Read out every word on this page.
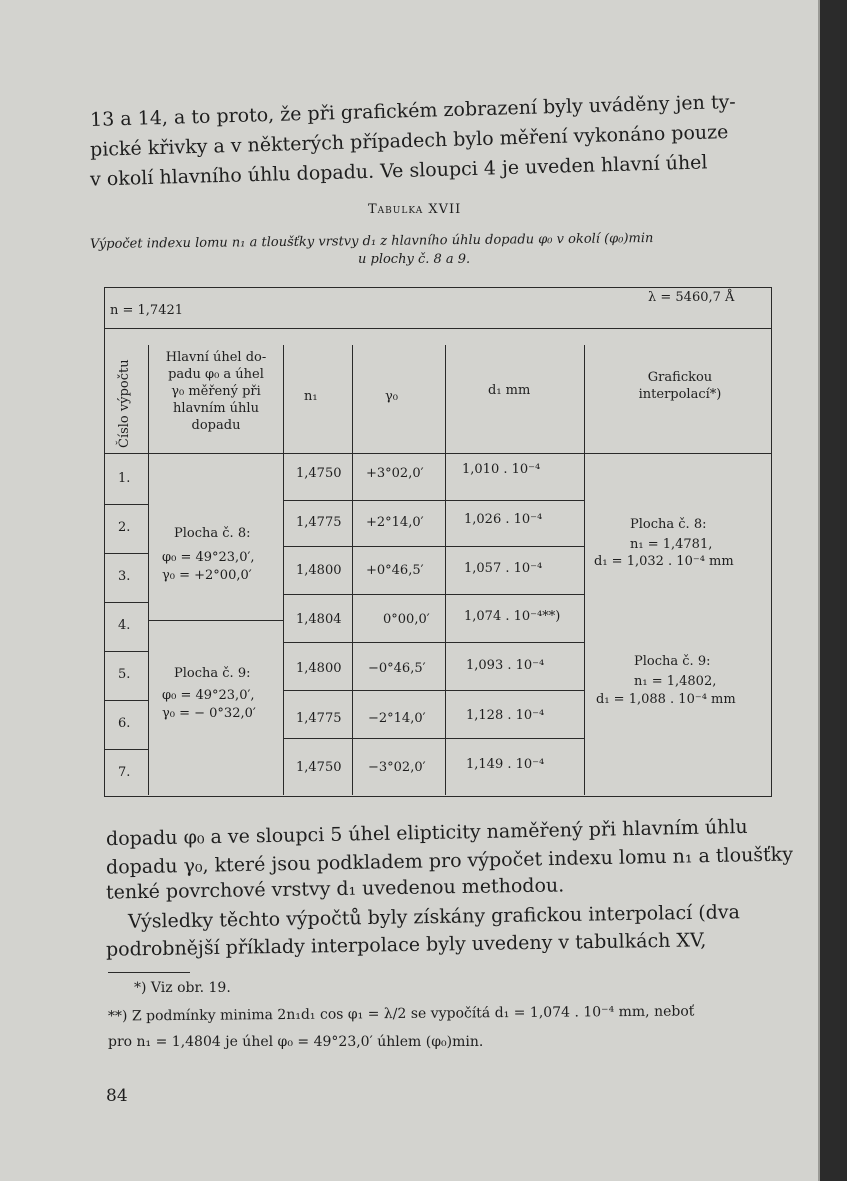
13 a 14, a to proto, že při grafickém zobrazení byly uváděny jen ty-
pické křivky a v některých případech bylo měření vykonáno pouze
v okolí hlavního úhlu dopadu. Ve sloupci 4 je uveden hlavní úhel
Tabulka XVII
Výpočet indexu lomu n₁ a tloušťky vrstvy d₁ z hlavního úhlu dopadu φ₀ v okolí (φ₀)min
u plochy č. 8 a 9.
n = 1,7421
λ = 5460,7 Å
Číslo výpočtu
Hlavní úhel do-
padu φ₀ a úhel
γ₀ měřený při
hlavním úhlu
dopadu
n₁	γ₀	d₁ mm
Grafickou
interpolací*)
1.
2.
3.
4.
5.
6.
7.
1,4750
1,4775
1,4800
1,4804
1,4800
1,4775
1,4750
+3°02,0′
+2°14,0′
+0°46,5′
0°00,0′
−0°46,5′
−2°14,0′
−3°02,0′
1,010 . 10⁻⁴
1,026 . 10⁻⁴
1,057 . 10⁻⁴
1,074 . 10⁻⁴**)
1,093 . 10⁻⁴
1,128 . 10⁻⁴
1,149 . 10⁻⁴
Plocha č. 8:
φ₀ = 49°23,0′,
γ₀ = +2°00,0′
Plocha č. 9:
φ₀ = 49°23,0′,
γ₀ = − 0°32,0′
Plocha č. 8:
n₁ = 1,4781,
d₁ = 1,032 . 10⁻⁴ mm
Plocha č. 9:
n₁ = 1,4802,
d₁ = 1,088 . 10⁻⁴ mm
dopadu φ₀ a ve sloupci 5 úhel elipticity naměřený při hlavním úhlu
dopadu γ₀, které jsou podkladem pro výpočet indexu lomu n₁ a tloušťky
tenké povrchové vrstvy d₁ uvedenou methodou.
Výsledky těchto výpočtů byly získány grafickou interpolací (dva
podrobnější příklady interpolace byly uvedeny v tabulkách XV,
*) Viz obr. 19.
**) Z podmínky minima 2n₁d₁ cos φ₁ = λ/2 se vypočítá d₁ = 1,074 . 10⁻⁴ mm, neboť
pro n₁ = 1,4804 je úhel φ₀ = 49°23,0′ úhlem (φ₀)min.
84
